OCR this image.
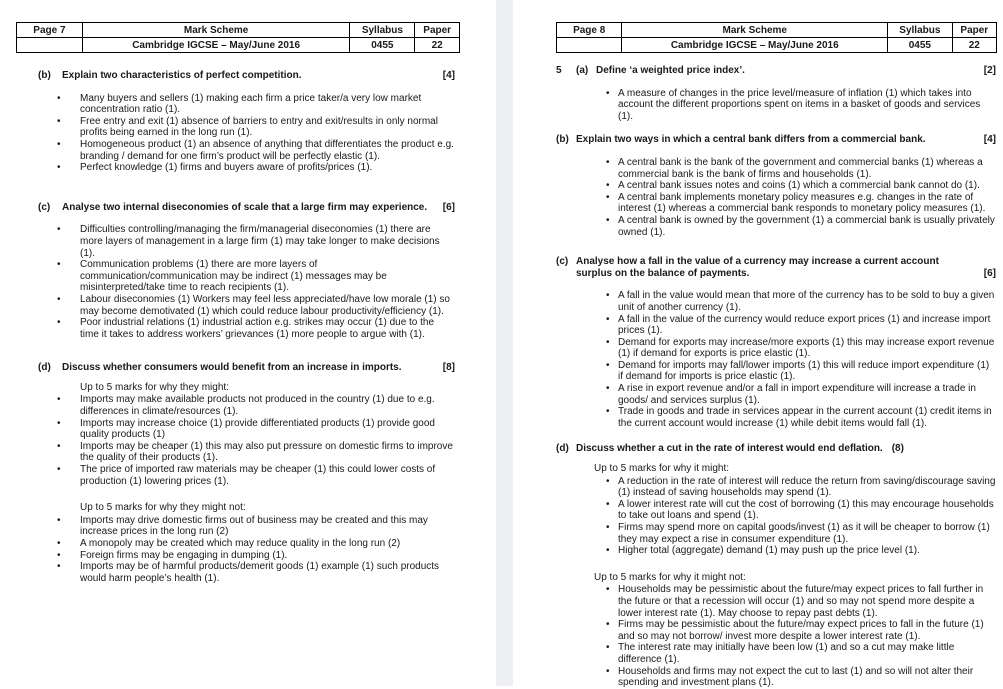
Page 7	Mark Scheme	Syllabus	Paper
	Cambridge IGCSE – May/June 2016	0455	22
(b)	Explain two characteristics of perfect competition.	[4]
• Many buyers and sellers (1) making each firm a price taker/a very low market concentration ratio (1).
• Free entry and exit (1) absence of barriers to entry and exit/results in only normal profits being earned in the long run (1).
• Homogeneous product (1) an absence of anything that differentiates the product e.g. branding / demand for one firm’s product will be perfectly elastic (1).
• Perfect knowledge (1) firms and buyers aware of profits/prices (1).
(c)	Analyse two internal diseconomies of scale that a large firm may experience.	[6]
• Difficulties controlling/managing the firm/managerial diseconomies (1) there are more layers of management in a large firm (1) may take longer to make decisions (1).
• Communication problems (1) there are more layers of communication/communication may be indirect (1) messages may be misinterpreted/take time to reach recipients (1).
• Labour diseconomies (1) Workers may feel less appreciated/have low morale (1) so may become demotivated (1) which could reduce labour productivity/efficiency (1).
• Poor industrial relations (1) industrial action e.g. strikes may occur (1) due to the time it takes to address workers’ grievances (1) more people to argue with (1).
(d)	Discuss whether consumers would benefit from an increase in imports.	[8]
Up to 5 marks for why they might:
• Imports may make available products not produced in the country (1) due to e.g. differences in climate/resources (1).
• Imports may increase choice (1) provide differentiated products (1) provide good quality products (1)
• Imports may be cheaper (1) this may also put pressure on domestic firms to improve the quality of their products (1).
• The price of imported raw materials may be cheaper (1) this could lower costs of production (1) lowering prices (1).
Up to 5 marks for why they might not:
• Imports may drive domestic firms out of business may be created and this may increase prices in the long run (2)
• A monopoly may be created which may reduce quality in the long run (2)
• Foreign firms may be engaging in dumping (1).
• Imports may be of harmful products/demerit goods (1) example (1) such products would harm people’s health (1).
Page 8	Mark Scheme	Syllabus	Paper
	Cambridge IGCSE – May/June 2016	0455	22
5	(a) Define ‘a weighted price index’.	[2]
• A measure of changes in the price level/measure of inflation (1) which takes into account the different proportions spent on items in a basket of goods and services (1).
(b) Explain two ways in which a central bank differs from a commercial bank.	[4]
• A central bank is the bank of the government and commercial banks (1) whereas a commercial bank is the bank of firms and households (1).
• A central bank issues notes and coins (1) which a commercial bank cannot do (1).
• A central bank implements monetary policy measures e.g. changes in the rate of interest (1) whereas a commercial bank responds to monetary policy measures (1).
• A central bank is owned by the government (1) a commercial bank is usually privately owned (1).
(c) Analyse how a fall in the value of a currency may increase a current account surplus on the balance of payments.	[6]
• A fall in the value would mean that more of the currency has to be sold to buy a given unit of another currency (1).
• A fall in the value of the currency would reduce export prices (1) and increase import prices (1).
• Demand for exports may increase/more exports (1) this may increase export revenue (1) if demand for exports is price elastic (1).
• Demand for imports may fall/lower imports (1) this will reduce import expenditure (1) if demand for imports is price elastic (1).
• A rise in export revenue and/or a fall in import expenditure will increase a trade in goods/ and services surplus (1).
• Trade in goods and trade in services appear in the current account (1) credit items in the current account would increase (1) while debit items would fall (1).
(d) Discuss whether a cut in the rate of interest would end deflation. (8)
Up to 5 marks for why it might:
• A reduction in the rate of interest will reduce the return from saving/discourage saving (1) instead of saving households may spend (1).
• A lower interest rate will cut the cost of borrowing (1) this may encourage households to take out loans and spend (1).
• Firms may spend more on capital goods/invest (1) as it will be cheaper to borrow (1) they may expect a rise in consumer expenditure (1).
• Higher total (aggregate) demand (1) may push up the price level (1).
Up to 5 marks for why it might not:
• Households may be pessimistic about the future/may expect prices to fall further in the future or that a recession will occur (1) and so may not spend more despite a lower interest rate (1). May choose to repay past debts (1).
• Firms may be pessimistic about the future/may expect prices to fall in the future (1) and so may not borrow/ invest more despite a lower interest rate (1).
• The interest rate may initially have been low (1) and so a cut may make little difference (1).
• Households and firms may not expect the cut to last (1) and so will not alter their spending and investment plans (1).
